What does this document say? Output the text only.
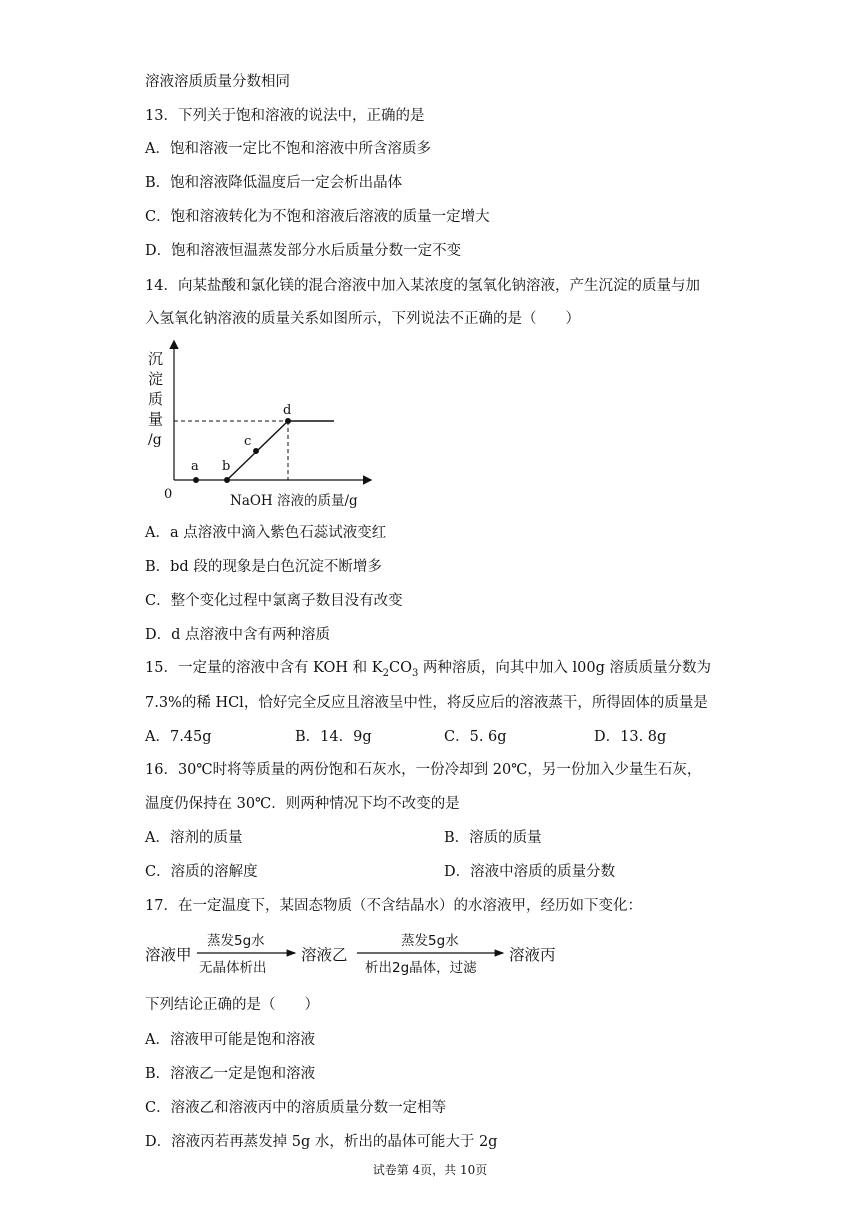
溶液溶质质量分数相同
13．下列关于饱和溶液的说法中，正确的是
A．饱和溶液一定比不饱和溶液中所含溶质多
B．饱和溶液降低温度后一定会析出晶体
C．饱和溶液转化为不饱和溶液后溶液的质量一定增大
D．饱和溶液恒温蒸发部分水后质量分数一定不变
14．向某盐酸和氯化镁的混合溶液中加入某浓度的氢氧化钠溶液，产生沉淀的质量与加
入氢氧化钠溶液的质量关系如图所示，下列说法不正确的是（　　）
沉
淀
质
量
/g
0
a b
c
d
NaOH 溶液的质量/g
A．a 点溶液中滴入紫色石蕊试液变红
B．bd 段的现象是白色沉淀不断增多
C．整个变化过程中氯离子数目没有改变
D．d 点溶液中含有两种溶质
15．一定量的溶液中含有 KOH 和 $K_2CO_3$ 两种溶质，向其中加入 l00g 溶质质量分数为
7.3%的稀 HCl，恰好完全反应且溶液呈中性，将反应后的溶液蒸干，所得固体的质量是
A．7.45g	B．14．9g	C．5. 6g	D．13. 8g
16．30℃时将等质量的两份饱和石灰水，一份冷却到 20℃，另一份加入少量生石灰，
温度仍保持在 30℃．则两种情况下均不改变的是
A．溶剂的质量	B．溶质的质量
C．溶质的溶解度	D．溶液中溶质的质量分数
17．在一定温度下，某固态物质（不含结晶水）的水溶液甲，经历如下变化：
溶液甲
蒸发5g水
无晶体析出
溶液乙
蒸发5g水
析出2g晶体，过滤
溶液丙
下列结论正确的是（　　）
A．溶液甲可能是饱和溶液
B．溶液乙一定是饱和溶液
C．溶液乙和溶液丙中的溶质质量分数一定相等
D．溶液丙若再蒸发掉 5g 水，析出的晶体可能大于 2g
试卷第 4页，共 10页
